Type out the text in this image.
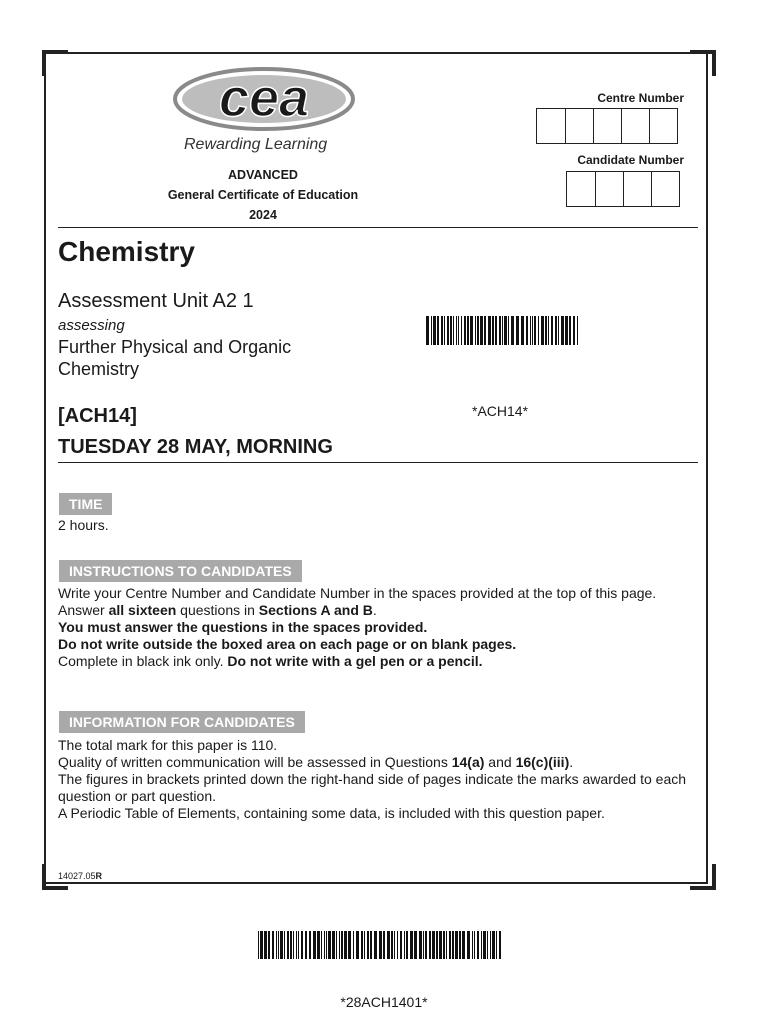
cea
Rewarding Learning
ADVANCED
General Certificate of Education
2024
Centre Number
Candidate Number
Chemistry
Assessment Unit A2 1
assessing
Further Physical and Organic Chemistry
*ACH14*
[ACH14]
TUESDAY 28 MAY, MORNING
TIME

2 hours.

INSTRUCTIONS TO CANDIDATES

Write your Centre Number and Candidate Number in the spaces provided at the top of this page.

Answer all sixteen questions in Sections A and B.

You must answer the questions in the spaces provided.

Do not write outside the boxed area on each page or on blank pages.

Complete in black ink only. Do not write with a gel pen or a pencil.

INFORMATION FOR CANDIDATES

The total mark for this paper is 110.

Quality of written communication will be assessed in Questions 14(a) and 16(c)(iii).

The figures in brackets printed down the right-hand side of pages indicate the marks awarded to each question or part question.

A Periodic Table of Elements, containing some data, is included with this question paper.

14027.05R
*28ACH1401*
